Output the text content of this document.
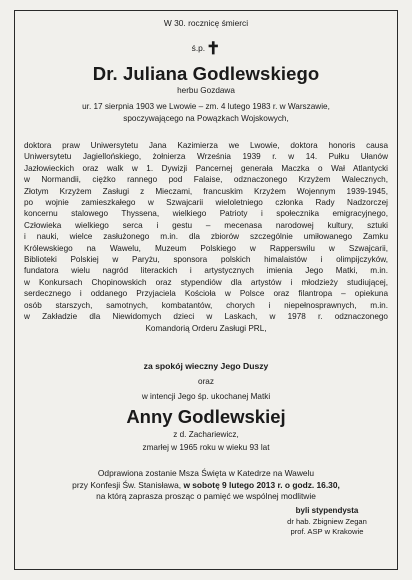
W 30. rocznicę śmierci

ś.p.✝

Dr. Juliana Godlewskiego

herbu Gozdawa

ur. 17 sierpnia 1903 we Lwowie – zm. 4 lutego 1983 r. w Warszawie,
spoczywającego na Powązkach Wojskowych,
doktora praw Uniwersytetu Jana Kazimierza we Lwowie, doktora honoris causa
Uniwersytetu Jagiellońskiego, żołnierza Września 1939 r. w 14. Pułku Ułanów
Jazłowieckich oraz walk w 1. Dywizji Pancernej generała Maczka o Wał Atlantycki
w Normandii, ciężko rannego pod Falaise, odznaczonego Krzyżem Walecznych,
Złotym Krzyżem Zasługi z Mieczami, francuskim Krzyżem Wojennym 1939-1945,
po wojnie zamieszkałego w Szwajcarii wieloletniego członka Rady Nadzorczej
koncernu stalowego Thyssena, wielkiego Patrioty i społecznika emigracyjnego,
Człowieka wielkiego serca i gestu – mecenasa narodowej kultury, sztuki
i nauki, wielce zasłużonego m.in. dla zbiorów szczególnie umiłowanego Zamku
Królewskiego na Wawelu, Muzeum Polskiego w Rapperswilu w Szwajcarii,
Biblioteki Polskiej w Paryżu, sponsora polskich himalaistów i olimpijczyków,
fundatora wielu nagród literackich i artystycznych imienia Jego Matki, m.in.
w Konkursach Chopinowskich oraz stypendiów dla artystów i młodzieży studiującej,
serdecznego i oddanego Przyjaciela Kościoła w Polsce oraz filantropa – opiekuna
osób starszych, samotnych, kombatantów, chorych i niepełnosprawnych, m.in.
w Zakładzie dla Niewidomych dzieci w Laskach, w 1978 r. odznaczonego
Komandorią Orderu Zasługi PRL,

za spokój wieczny Jego Duszy

oraz

w intencji Jego śp. ukochanej Matki

Anny Godlewskiej

z d. Zachariewicz,

zmarłej w 1965 roku w wieku 93 lat

Odprawiona zostanie Msza Święta w Katedrze na Wawelu
przy Konfesji Św. Stanisława, w sobotę 9 lutego 2013 r. o godz. 16.30,
na którą zaprasza prosząc o pamięć we wspólnej modlitwie
byli stypendysta
dr hab. Zbigniew Zegan
prof. ASP w Krakowie
